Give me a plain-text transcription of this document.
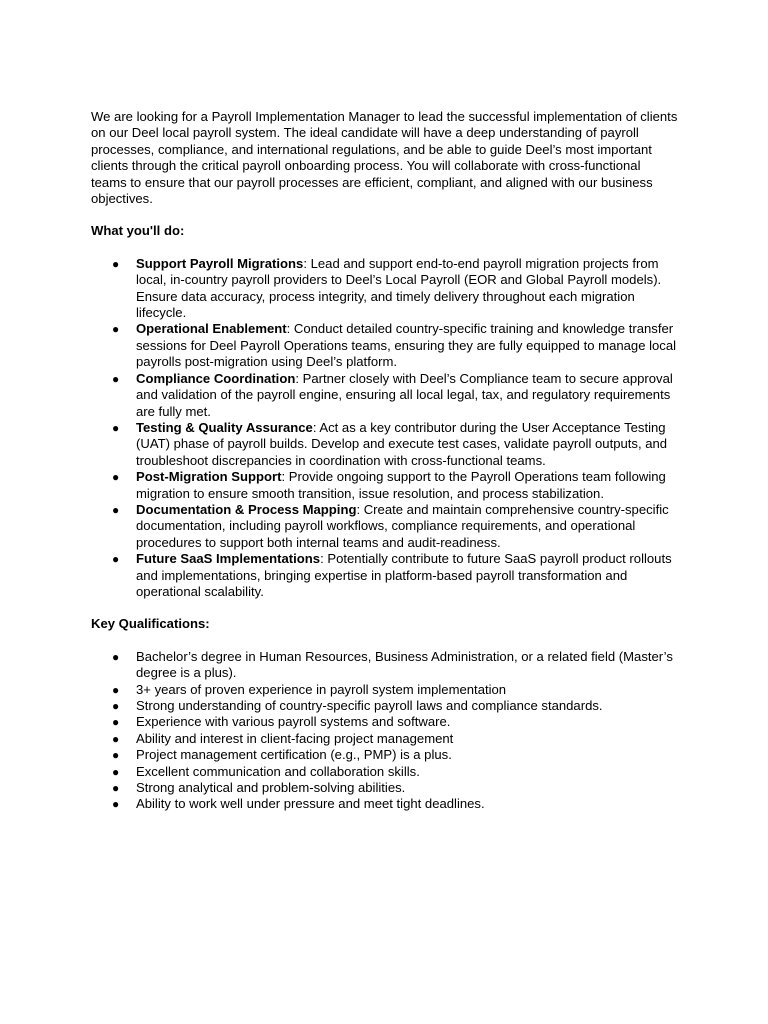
We are looking for a Payroll Implementation Manager to lead the successful implementation of clients on our Deel local payroll system. The ideal candidate will have a deep understanding of payroll processes, compliance, and international regulations, and be able to guide Deel’s most important clients through the critical payroll onboarding process. You will collaborate with cross-functional teams to ensure that our payroll processes are efficient, compliant, and aligned with our business objectives.

What you'll do:

● Support Payroll Migrations: Lead and support end-to-end payroll migration projects from local, in-country payroll providers to Deel’s Local Payroll (EOR and Global Payroll models). Ensure data accuracy, process integrity, and timely delivery throughout each migration lifecycle.
● Operational Enablement: Conduct detailed country-specific training and knowledge transfer sessions for Deel Payroll Operations teams, ensuring they are fully equipped to manage local payrolls post-migration using Deel’s platform.
● Compliance Coordination: Partner closely with Deel’s Compliance team to secure approval and validation of the payroll engine, ensuring all local legal, tax, and regulatory requirements are fully met.
● Testing & Quality Assurance: Act as a key contributor during the User Acceptance Testing (UAT) phase of payroll builds. Develop and execute test cases, validate payroll outputs, and troubleshoot discrepancies in coordination with cross-functional teams.
● Post-Migration Support: Provide ongoing support to the Payroll Operations team following migration to ensure smooth transition, issue resolution, and process stabilization.
● Documentation & Process Mapping: Create and maintain comprehensive country-specific documentation, including payroll workflows, compliance requirements, and operational procedures to support both internal teams and audit-readiness.
● Future SaaS Implementations: Potentially contribute to future SaaS payroll product rollouts and implementations, bringing expertise in platform-based payroll transformation and operational scalability.

Key Qualifications:

● Bachelor’s degree in Human Resources, Business Administration, or a related field (Master’s degree is a plus).
● 3+ years of proven experience in payroll system implementation
● Strong understanding of country-specific payroll laws and compliance standards.
● Experience with various payroll systems and software.
● Ability and interest in client-facing project management
● Project management certification (e.g., PMP) is a plus.
● Excellent communication and collaboration skills.
● Strong analytical and problem-solving abilities.
● Ability to work well under pressure and meet tight deadlines.
